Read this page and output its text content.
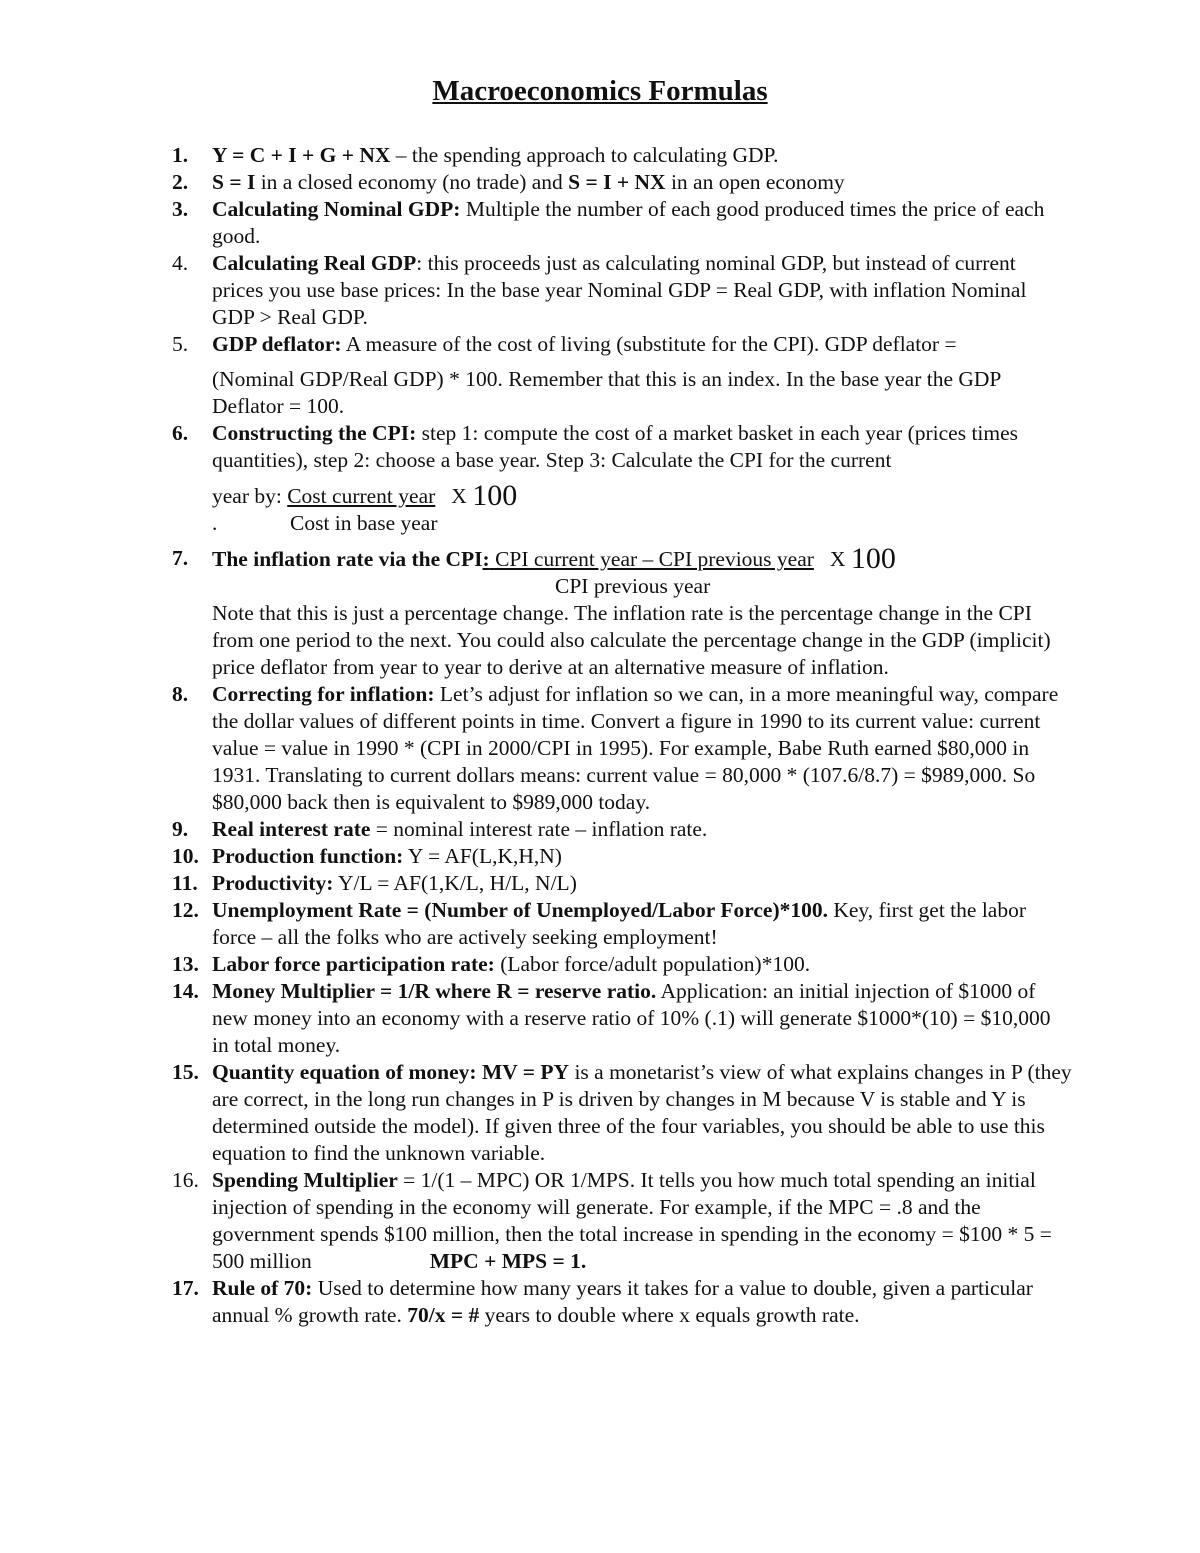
Macroeconomics Formulas
1.	Y = C + I + G + NX – the spending approach to calculating GDP.
2.	S = I in a closed economy (no trade) and S = I + NX in an open economy
3.	Calculating Nominal GDP: Multiple the number of each good produced times the price of each good.
4.	Calculating Real GDP: this proceeds just as calculating nominal GDP, but instead of current prices you use base prices: In the base year Nominal GDP = Real GDP, with inflation Nominal GDP > Real GDP.
5.	GDP deflator: A measure of the cost of living (substitute for the CPI). GDP deflator =
(Nominal GDP/Real GDP) * 100. Remember that this is an index. In the base year the GDP Deflator = 100.
6.	Constructing the CPI: step 1: compute the cost of a market basket in each year (prices times quantities), step 2: choose a base year. Step 3: Calculate the CPI for the current
year by: Cost current year X 100
.	Cost in base year
7.	The inflation rate via the CPI: CPI current year – CPI previous year X 100
CPI previous year
Note that this is just a percentage change. The inflation rate is the percentage change in the CPI from one period to the next. You could also calculate the percentage change in the GDP (implicit) price deflator from year to year to derive at an alternative measure of inflation.
8.	Correcting for inflation: Let’s adjust for inflation so we can, in a more meaningful way, compare the dollar values of different points in time. Convert a figure in 1990 to its current value: current value = value in 1990 * (CPI in 2000/CPI in 1995). For example, Babe Ruth earned $80,000 in 1931. Translating to current dollars means: current value = 80,000 * (107.6/8.7) = $989,000. So $80,000 back then is equivalent to $989,000 today.
9.	Real interest rate = nominal interest rate – inflation rate.
10. Production function: Y = AF(L,K,H,N)
11. Productivity: Y/L = AF(1,K/L, H/L, N/L)
12. Unemployment Rate = (Number of Unemployed/Labor Force)*100. Key, first get the labor force – all the folks who are actively seeking employment!
13. Labor force participation rate: (Labor force/adult population)*100.
14. Money Multiplier = 1/R where R = reserve ratio. Application: an initial injection of $1000 of new money into an economy with a reserve ratio of 10% (.1) will generate $1000*(10) = $10,000 in total money.
15. Quantity equation of money: MV = PY is a monetarist’s view of what explains changes in P (they are correct, in the long run changes in P is driven by changes in M because V is stable and Y is determined outside the model). If given three of the four variables, you should be able to use this equation to find the unknown variable.
16. Spending Multiplier = 1/(1 – MPC) OR 1/MPS. It tells you how much total spending an initial injection of spending in the economy will generate. For example, if the MPC = .8 and the government spends $100 million, then the total increase in spending in the economy = $100 * 5 = 500 million	MPC + MPS = 1.
17. Rule of 70: Used to determine how many years it takes for a value to double, given a particular annual % growth rate. 70/x = # years to double where x equals growth rate.
